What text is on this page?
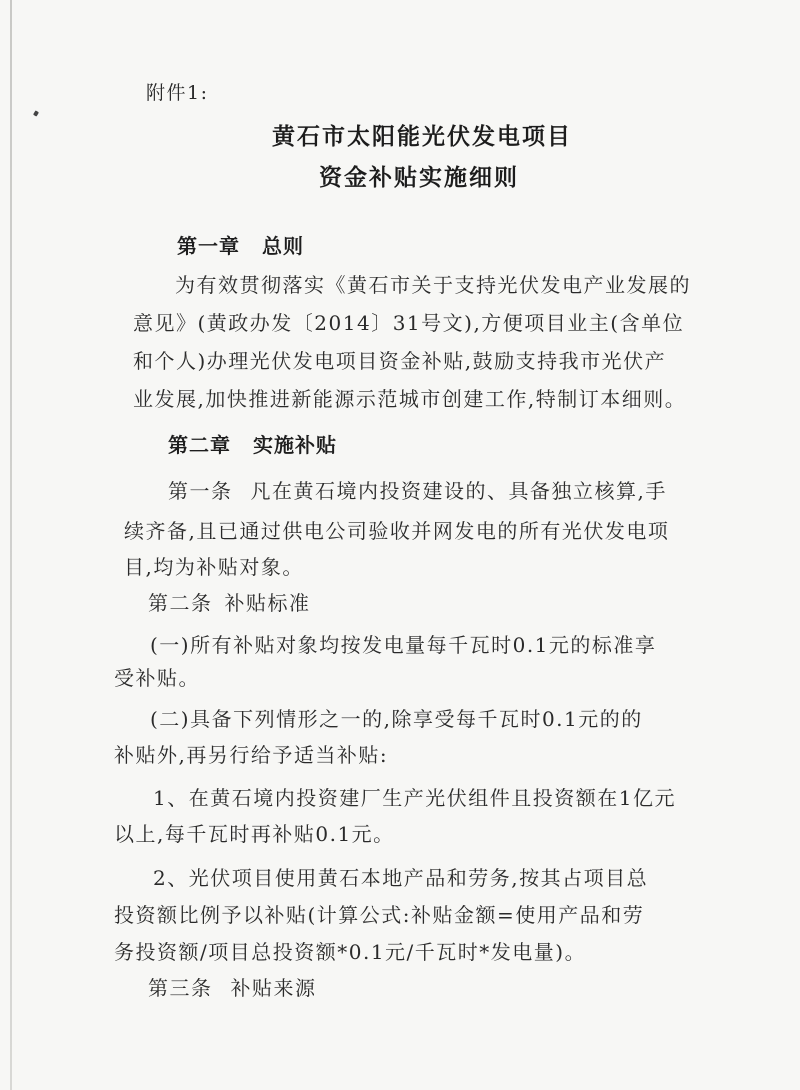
附件1:
黄石市太阳能光伏发电项目
资金补贴实施细则
第一章 总则
为有效贯彻落实《黄石市关于支持光伏发电产业发展的
意见》(黄政办发〔2014〕31号文),方便项目业主(含单位
和个人)办理光伏发电项目资金补贴,鼓励支持我市光伏产
业发展,加快推进新能源示范城市创建工作,特制订本细则。
第二章 实施补贴
第一条 凡在黄石境内投资建设的、具备独立核算,手
续齐备,且已通过供电公司验收并网发电的所有光伏发电项
目,均为补贴对象。
第二条 补贴标准
(一)所有补贴对象均按发电量每千瓦时0.1元的标准享
受补贴。
(二)具备下列情形之一的,除享受每千瓦时0.1元的的
补贴外,再另行给予适当补贴:
1、在黄石境内投资建厂生产光伏组件且投资额在1亿元
以上,每千瓦时再补贴0.1元。
2、光伏项目使用黄石本地产品和劳务,按其占项目总
投资额比例予以补贴(计算公式:补贴金额=使用产品和劳
务投资额/项目总投资额*0.1元/千瓦时*发电量)。
第三条 补贴来源
